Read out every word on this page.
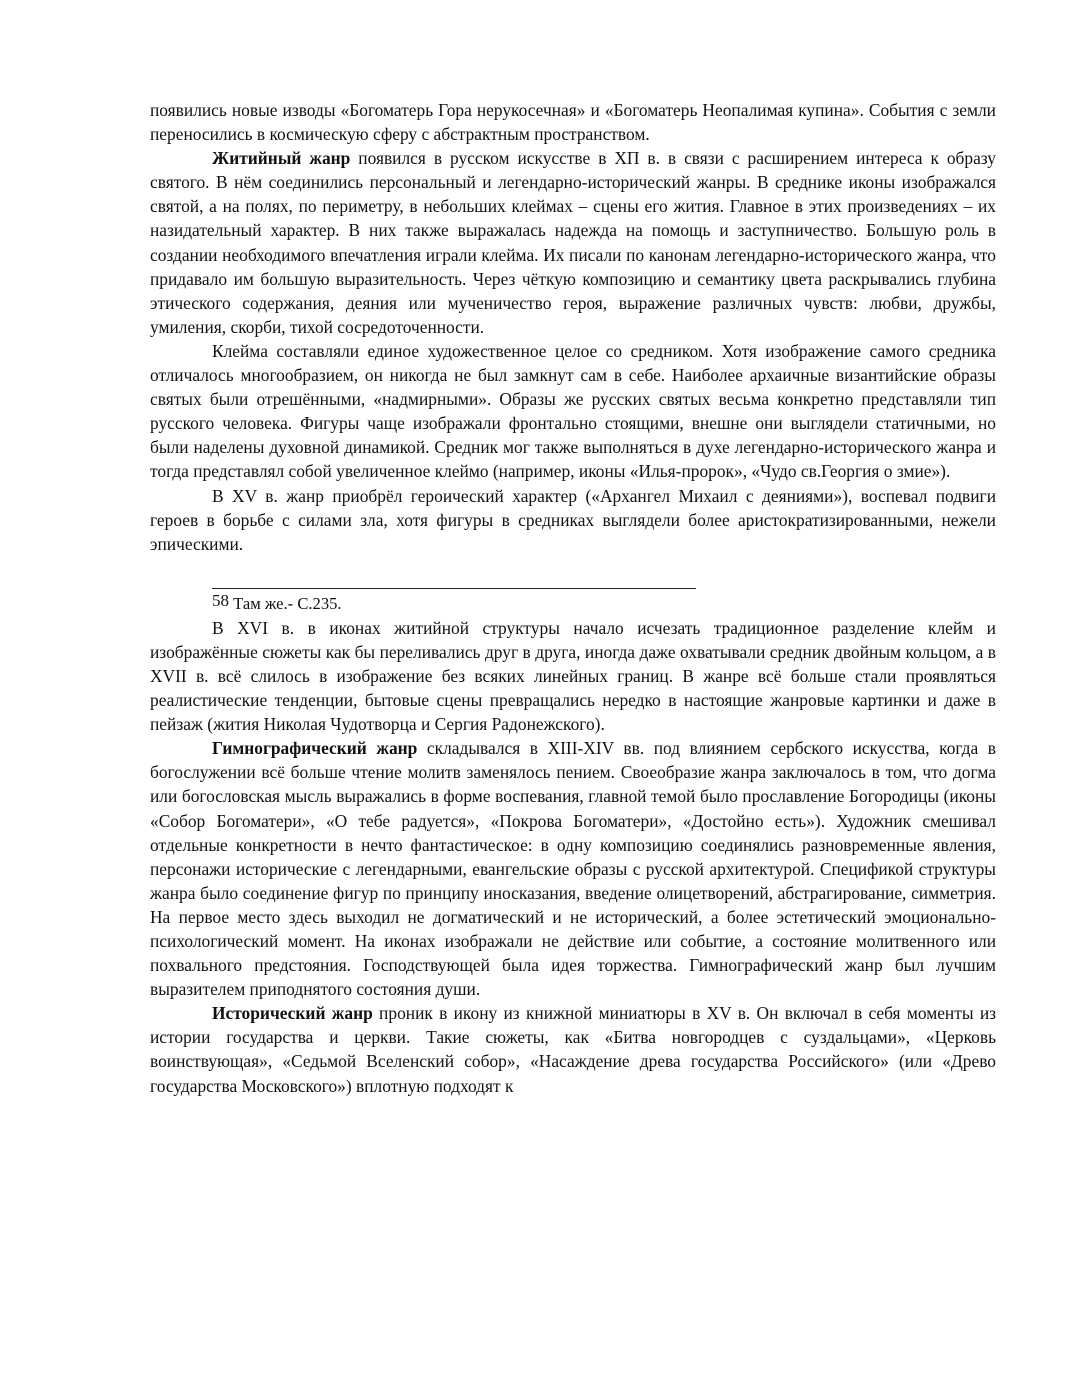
появились новые изводы «Богоматерь Гора нерукосечная» и «Богоматерь Неопалимая купина». События с земли переносились в космическую сферу с абстрактным пространством.

Житийный жанр появился в русском искусстве в ХП в. в связи с расширением интереса к образу святого. В нём соединились персональный и легендарно-исторический жанры. В среднике иконы изображался святой, а на полях, по периметру, в небольших клеймах – сцены его жития. Главное в этих произведениях – их назидательный характер. В них также выражалась надежда на помощь и заступничество. Большую роль в создании необходимого впечатления играли клейма. Их писали по канонам легендарно-исторического жанра, что придавало им большую выразительность. Через чёткую композицию и семантику цвета раскрывались глубина этического содержания, деяния или мученичество героя, выражение различных чувств: любви, дружбы, умиления, скорби, тихой сосредоточенности.

Клейма составляли единое художественное целое со средником. Хотя изображение самого средника отличалось многообразием, он никогда не был замкнут сам в себе. Наиболее архаичные византийские образы святых были отрешёнными, «надмирными». Образы же русских святых весьма конкретно представляли тип русского человека. Фигуры чаще изображали фронтально стоящими, внешне они выглядели статичными, но были наделены духовной динамикой. Средник мог также выполняться в духе легендарно-исторического жанра и тогда представлял собой увеличенное клеймо (например, иконы «Илья-пророк», «Чудо св.Георгия о змие»).

В XV в. жанр приобрёл героический характер («Архангел Михаил с деяниями»), воспевал подвиги героев в борьбе с силами зла, хотя фигуры в средниках выглядели более аристократизированными, нежели эпическими.

$^{58}$ Там же.- С.235.

В XVI в. в иконах житийной структуры начало исчезать традиционное разделение клейм и изображённые сюжеты как бы переливались друг в друга, иногда даже охватывали средник двойным кольцом, а в XVII в. всё слилось в изображение без всяких линейных границ. В жанре всё больше стали проявляться реалистические тенденции, бытовые сцены превращались нередко в настоящие жанровые картинки и даже в пейзаж (жития Николая Чудотворца и Сергия Радонежского).

Гимнографический жанр складывался в XIII-XIV вв. под влиянием сербского искусства, когда в богослужении всё больше чтение молитв заменялось пением. Своеобразие жанра заключалось в том, что догма или богословская мысль выражались в форме воспевания, главной темой было прославление Богородицы (иконы «Собор Богоматери», «О тебе радуется», «Покрова Богоматери», «Достойно есть»). Художник смешивал отдельные конкретности в нечто фантастическое: в одну композицию соединялись разновременные явления, персонажи исторические с легендарными, евангельские образы с русской архитектурой. Спецификой структуры жанра было соединение фигур по принципу иносказания, введение олицетворений, абстрагирование, симметрия. На первое место здесь выходил не догматический и не исторический, а более эстетический эмоционально-психологический момент. На иконах изображали не действие или событие, а состояние молитвенного или похвального предстояния. Господствующей была идея торжества. Гимнографический жанр был лучшим выразителем приподнятого состояния души.

Исторический жанр проник в икону из книжной миниатюры в XV в. Он включал в себя моменты из истории государства и церкви. Такие сюжеты, как «Битва новгородцев с суздальцами», «Церковь воинствующая», «Седьмой Вселенский собор», «Насаждение древа государства Российского» (или «Древо государства Московского») вплотную подходят к
